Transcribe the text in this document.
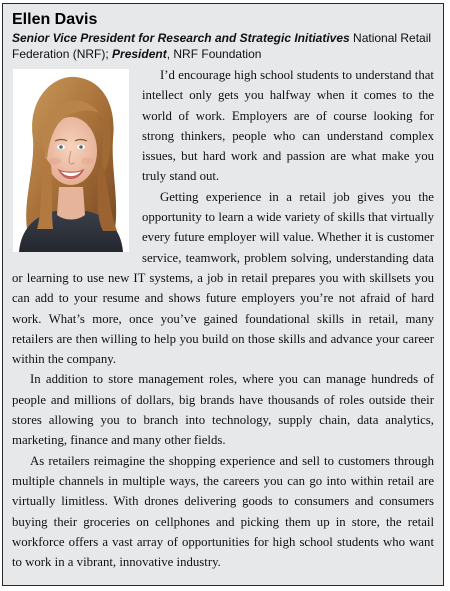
Ellen Davis
Senior Vice President for Research and Strategic Initiatives National Retail Federation (NRF); President, NRF Foundation

I’d encourage high school students to understand that intellect only gets you halfway when it comes to the world of work. Employers are of course looking for strong thinkers, people who can understand complex issues, but hard work and passion are what make you truly stand out.

Getting experience in a retail job gives you the opportunity to learn a wide variety of skills that virtually every future employer will value. Whether it is customer service, teamwork, problem solving, understanding data or learning to use new IT systems, a job in retail prepares you with skillsets you can add to your resume and shows future employers you’re not afraid of hard work. What’s more, once you’ve gained foundational skills in retail, many retailers are then willing to help you build on those skills and advance your career within the company.

In addition to store management roles, where you can manage hundreds of people and millions of dollars, big brands have thousands of roles outside their stores allowing you to branch into technology, supply chain, data analytics, marketing, finance and many other fields.

As retailers reimagine the shopping experience and sell to customers through multiple channels in multiple ways, the careers you can go into within retail are virtually limitless. With drones delivering goods to consumers and consumers buying their groceries on cellphones and picking them up in store, the retail workforce offers a vast array of opportunities for high school students who want to work in a vibrant, innovative industry.
